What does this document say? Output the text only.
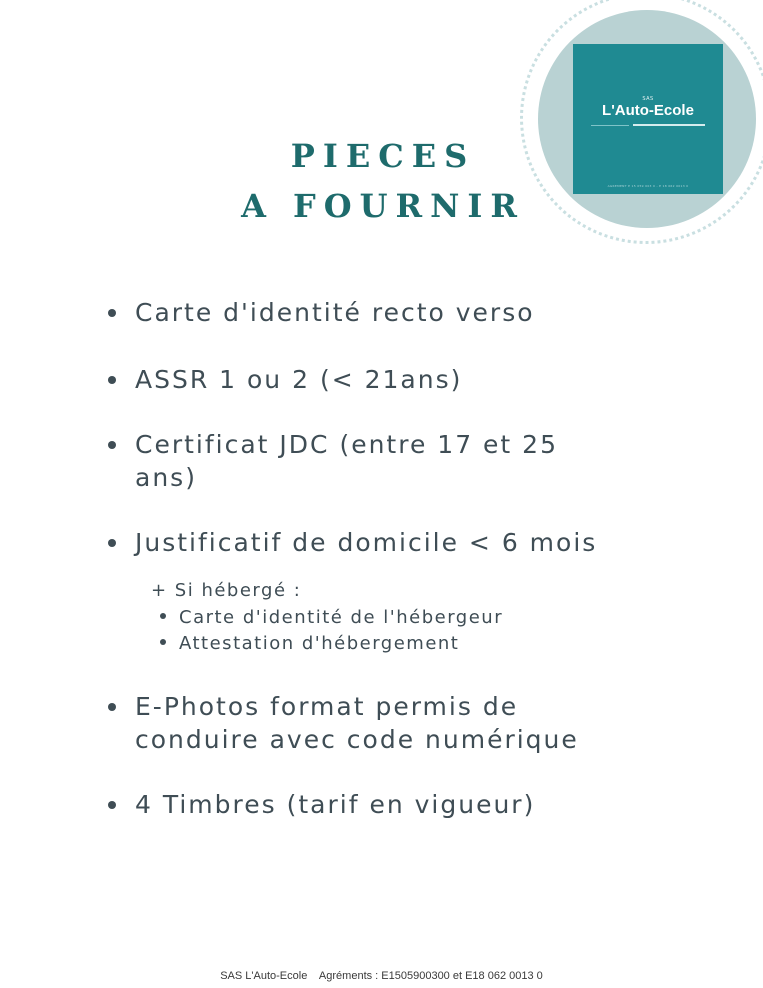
SAS
L'Auto-Ecole
AGREMENT E 15 059 003 0 - E 18 062 0013 0
PIECES
A FOURNIR
Carte d'identité recto verso
ASSR 1 ou 2 (< 21ans)
Certificat JDC (entre 17 et 25
ans)
Justificatif de domicile < 6 mois
+ Si hébergé :
Carte d'identité de l'hébergeur
Attestation d'hébergement
E-Photos format permis de
conduire avec code numérique
4 Timbres (tarif en vigueur)
SAS L'Auto-Ecole    Agréments : E1505900300 et E18 062 0013 0
